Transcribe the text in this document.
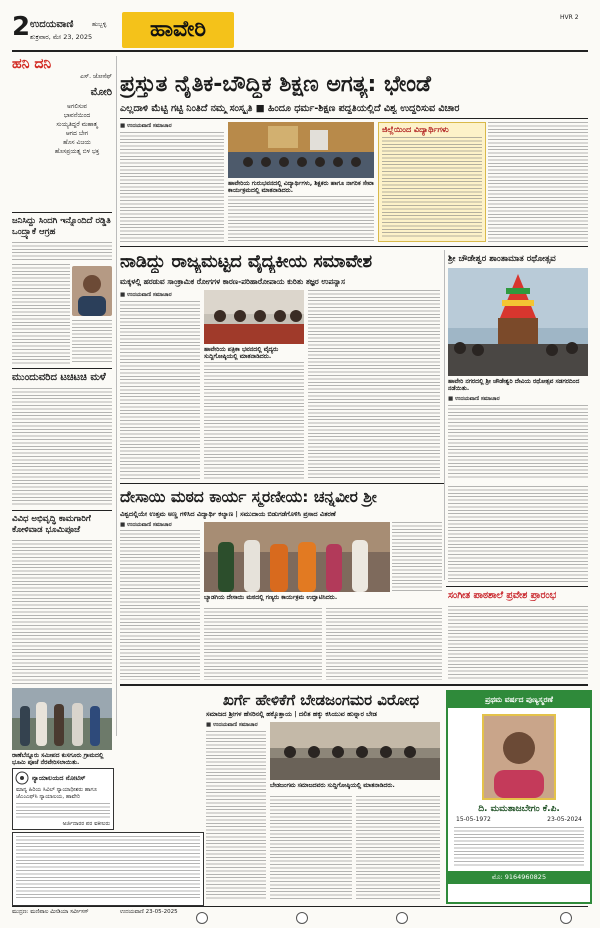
2 ಉದಯವಾಣಿ	ಹುಬ್ಬಳ್ಳಿ
ಶುಕ್ರವಾರ, ಮೇ 23, 2025	ಹಾವೇರಿ	HVR 2
ಹನಿ ದನಿ
ಎಸ್. ಜೋಸೆಫ್
ಮೋರಿ
ಅಗಲಿಸುವ
ಭಾವನೆಯಿಂದ
ಸುಯ್ಯತಿದ್ದರೆ ಮಹಾತ್ಮ
ಆಗದ ಬೇಗ
ಹೊಸ ವಿಜಯ
ಹೊಸಪ್ರಯತ್ನ ಬಿಳ ಭಕ್ತ
ಜನಿಸಿದ್ದು ಸಿಂದಗಿ ಇನ್ನೊಂದಿದೆ ರಡ್ಡಿತಿ ಒಂದ್ರ್ಯಾಕೆ ಆಗ್ರಹ
ಮುಂದುವರಿದ ಟಚಿಟಚಿ ಮಳೆ
ವಿವಿಧ ಅಭಿವೃದ್ಧಿ ಕಾಮಗಾರಿಗೆ ಕೋಳಿವಾಡ ಭೂಮಿಪೂಜೆ
ರಾಣೆಬೆನ್ನೂರು ಸಮೀಪದ ಕುಸಗೂರು ಗ್ರಾಮದಲ್ಲಿ ಭೂಮಿ ಪೂಜೆ ನೆರವೇರಿಸಲಾಯಿತು.
ನ್ಯಾಯಾಲಯದ ನೋಟಿಸ್
ಮಾನ್ಯ ಹಿರಿಯ ಸಿವಿಲ್ ನ್ಯಾಯಾಧೀಶರು ಹಾಗೂ ಜೆಎಂಎಫ್‌ಸಿ ನ್ಯಾಯಾಲಯ, ಹಾವೇರಿ
ಅರ್ಜಿದಾರರ ಪರ ವಕೀಲರು
ಪ್ರಸ್ತುತ ನೈತಿಕ-ಬೌದ್ಧಿಕ ಶಿಕ್ಷಣ ಅಗತ್ಯ: ಭೇಂಡೆ
ಎಲ್ಲದಾಳಿ ಮೆಟ್ಟಿ ಗಟ್ಟಿ ನಿಂತಿದೆ ನಮ್ಮ ಸಂಸ್ಕೃತಿ ■ ಹಿಂದೂ ಧರ್ಮ-ಶಿಕ್ಷಣ ಪದ್ಧತಿಯಲ್ಲಿದೆ ವಿಶ್ವ ಉದ್ಧರಿಸುವ ವಿಚಾರ
■ ಉದಯವಾಣಿ ಸಮಾಚಾರ
ಹಾವೇರಿಯ ಗುರುಭವನದಲ್ಲಿ ವಿದ್ಯಾರ್ಥಿಗಳು, ಶಿಕ್ಷಕರು ಹಾಗೂ ನಾಗರಿಕ ಸೇವಾ ಕಾರ್ಯಕ್ರಮದಲ್ಲಿ ಮಾತನಾಡಿದರು.
ಜಿಲ್ಲೆಯಿಂದ ವಿದ್ಯಾರ್ಥಿಗಳು
ನಾಡಿದ್ದು ರಾಜ್ಯಮಟ್ಟದ ವೈದ್ಯಕೀಯ ಸಮಾವೇಶ
ಮಕ್ಕಳಲ್ಲಿ ಹರಡುವ ಸಾಂಕ್ರಾಮಿಕ ರೋಗಗಳ ಕಾರಣ-ಪರಿಹಾರೋಪಾಯ ಕುರಿತು ತಜ್ಞರ ಉಪನ್ಯಾಸ
■ ಉದಯವಾಣಿ ಸಮಾಚಾರ
ಹಾವೇರಿಯ ಪತ್ರಿಕಾ ಭವನದಲ್ಲಿ ವೈದ್ಯರು ಸುದ್ದಿಗೋಷ್ಠಿಯಲ್ಲಿ ಮಾತನಾಡಿದರು.
ಶ್ರೀ ಚೌಡೇಶ್ವರ ಶಾಂತಾಮಾತ ರಥೋತ್ಸವ
ಹಾವೇರಿ ನಗರದಲ್ಲಿ ಶ್ರೀ ಚೌಡೇಶ್ವರಿ ದೇವಿಯ ರಥೋತ್ಸವ ಸಡಗರದಿಂದ ನಡೆಯಿತು.
■ ಉದಯವಾಣಿ ಸಮಾಚಾರ
ದೇಸಾಯಿ ಮಠದ ಕಾರ್ಯ ಸ್ಮರಣೀಯ: ಚನ್ನವೀರ ಶ್ರೀ
ವಿಶ್ವದಲ್ಲಿಯೇ ಉತ್ತಮ ಅಣ್ಣ ಗಳಿಸಿದ ವಿದ್ಯಾರ್ಥಿ ಕಲ್ಯಾಣ | ಸಮುದಾಯ ಬಿಡುಗಡೆಗೊಳಿಸಿ ಪ್ರಸಾದ ವಿತರಣೆ
■ ಉದಯವಾಣಿ ಸಮಾಚಾರ
ಬ್ಯಾಡಗಿಯ ದೇಸಾಯಿ ಮಠದಲ್ಲಿ ಗಣ್ಯರು ಕಾರ್ಯಕ್ರಮ ಉದ್ಘಾಟಿಸಿದರು.	ಸಂಗೀತ ಪಾಠಶಾಲೆ ಪ್ರವೇಶ ಪ್ರಾರಂಭ
ಖರ್ಗೆ ಹೇಳಿಕೆಗೆ ಬೇಡಜಂಗಮರ ವಿರೋಧ
ಸಮಾಜದ ಶ್ರೀಗಳ ಹೆಸರಿನಲ್ಲಿ ಹಕ್ಕೊತ್ತಾಯ | ದಲಿತ ಹಕ್ಕು ಕಸಿಯುವ ಹುನ್ನಾರ ಬೇಡ
■ ಉದಯವಾಣಿ ಸಮಾಚಾರ
ಬೇಡಜಂಗಮ ಸಮಾಜದವರು ಸುದ್ದಿಗೋಷ್ಠಿಯಲ್ಲಿ ಮಾತನಾಡಿದರು.
ಪ್ರಥಮ ವರ್ಷದ ಪುಣ್ಯಸ್ಮರಣೆ
ದಿ. ಮಮತಾಜಬೇಗಂ ಕೆ.ಪಿ.
15-05-1972	23-05-2024
ಮೊ: 9164960825
ಮುದ್ರಣ: ಮಣಿಪಾಲ ಮೀಡಿಯಾ ಸರ್ವೀಸಸ್	ಉದಯವಾಣಿ 23-05-2025
